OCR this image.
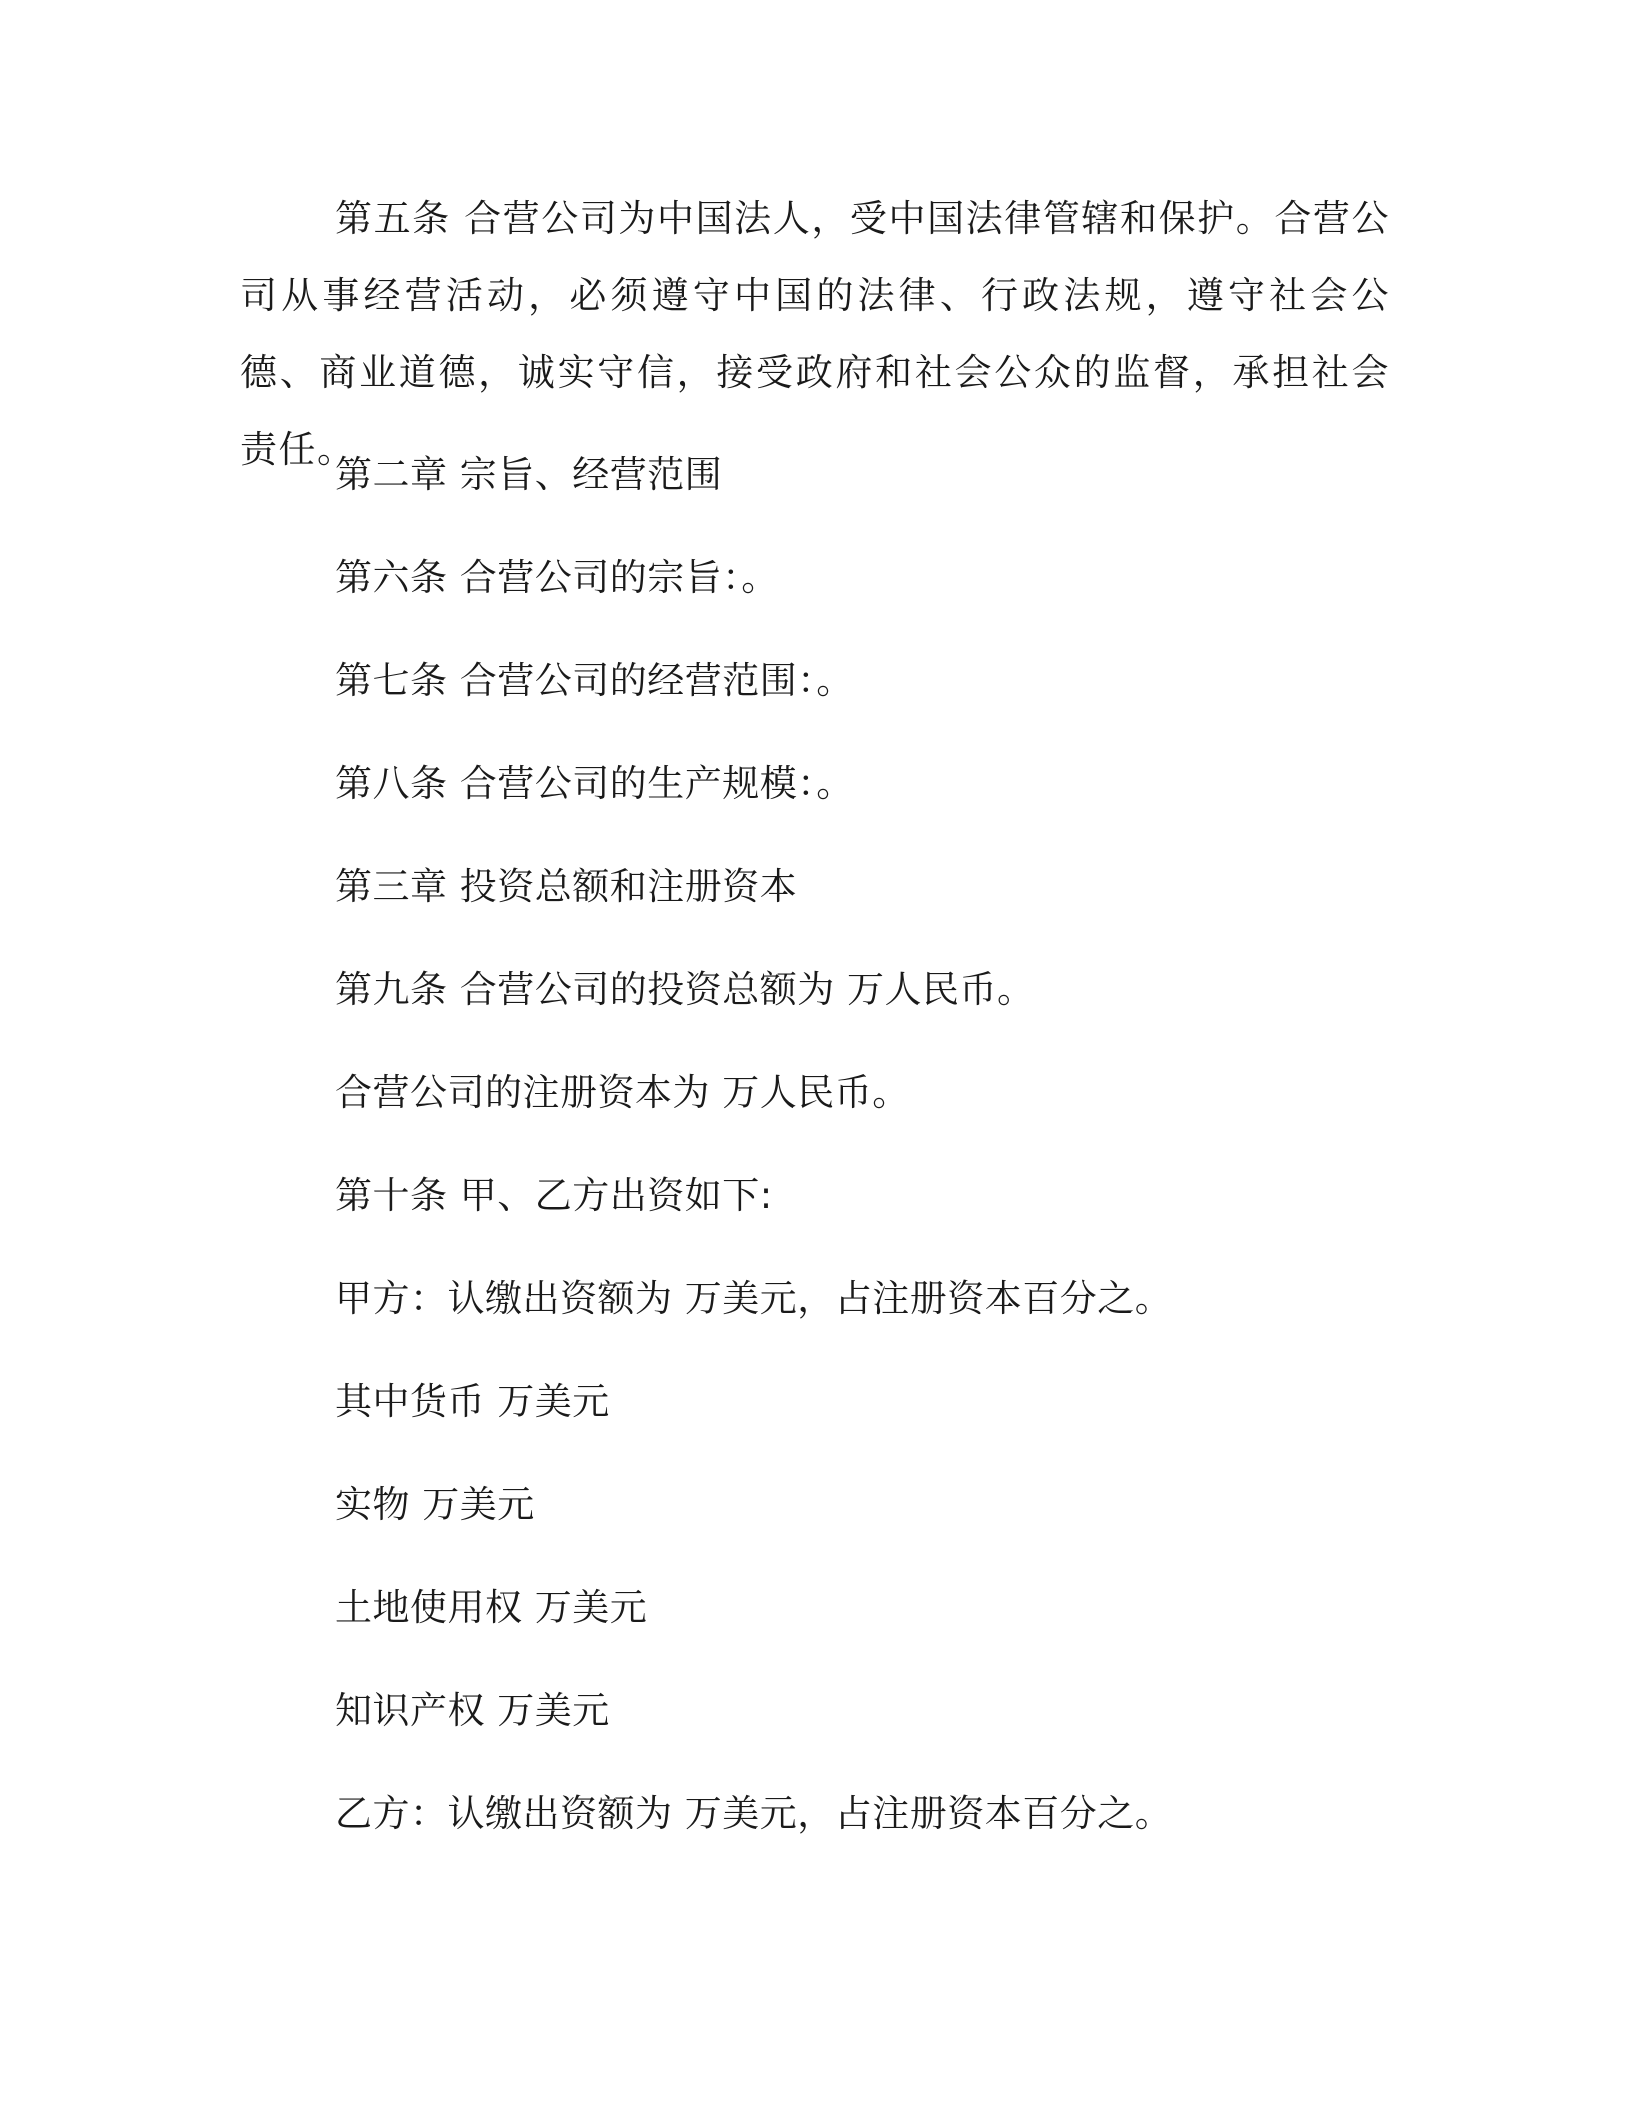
第五条 合营公司为中国法人，受中国法律管辖和保护。合营公司从事经营活动，必须遵守中国的法律、行政法规，遵守社会公德、商业道德，诚实守信，接受政府和社会公众的监督，承担社会责任。

第二章 宗旨、经营范围

第六条 合营公司的宗旨：。

第七条 合营公司的经营范围：。

第八条 合营公司的生产规模：。

第三章 投资总额和注册资本

第九条 合营公司的投资总额为 万人民币。

合营公司的注册资本为 万人民币。

第十条 甲、乙方出资如下:

甲方：认缴出资额为 万美元，占注册资本百分之。

其中货币 万美元

实物 万美元

土地使用权 万美元

知识产权 万美元

乙方：认缴出资额为 万美元，占注册资本百分之。
